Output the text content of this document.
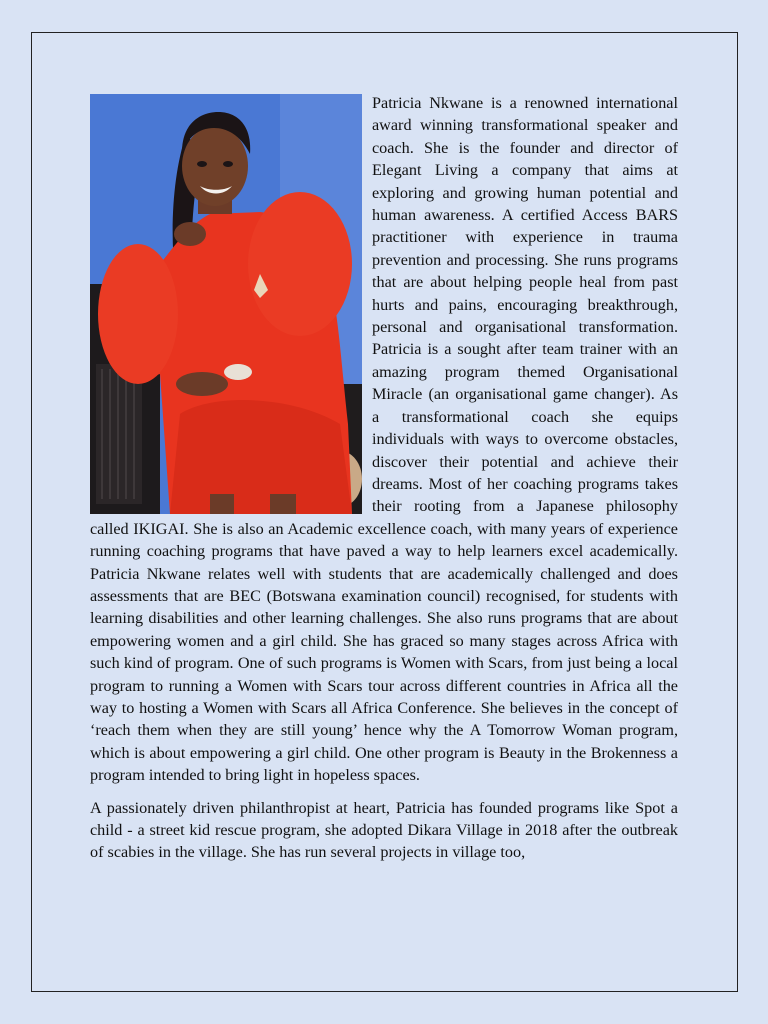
Patricia Nkwane is a renowned international award winning transformational speaker and coach. She is the founder and director of Elegant Living a company that aims at exploring and growing human potential and human awareness. A certified Access BARS practitioner with experience in trauma prevention and processing. She runs programs that are about helping people heal from past hurts and pains, encouraging breakthrough, personal and organisational transformation. Patricia is a sought after team trainer with an amazing program themed Organisational Miracle (an organisational game changer). As a transformational coach she equips individuals with ways to overcome obstacles, discover their potential and achieve their dreams. Most of her coaching programs takes their rooting from a Japanese philosophy called IKIGAI. She is also an Academic excellence coach, with many years of experience running coaching programs that have paved a way to help learners excel academically. Patricia Nkwane relates well with students that are academically challenged and does assessments that are BEC (Botswana examination council) recognised, for students with learning disabilities and other learning challenges. She also runs programs that are about empowering women and a girl child. She has graced so many stages across Africa with such kind of program. One of such programs is Women with Scars, from just being a local program to running a Women with Scars tour across different countries in Africa all the way to hosting a Women with Scars all Africa Conference. She believes in the concept of ‘reach them when they are still young’ hence why the A Tomorrow Woman program, which is about empowering a girl child. One other program is Beauty in the Brokenness a program intended to bring light in hopeless spaces.

A passionately driven philanthropist at heart, Patricia has founded programs like Spot a child - a street kid rescue program, she adopted Dikara Village in 2018 after the outbreak of scabies in the village. She has run several projects in village too,
